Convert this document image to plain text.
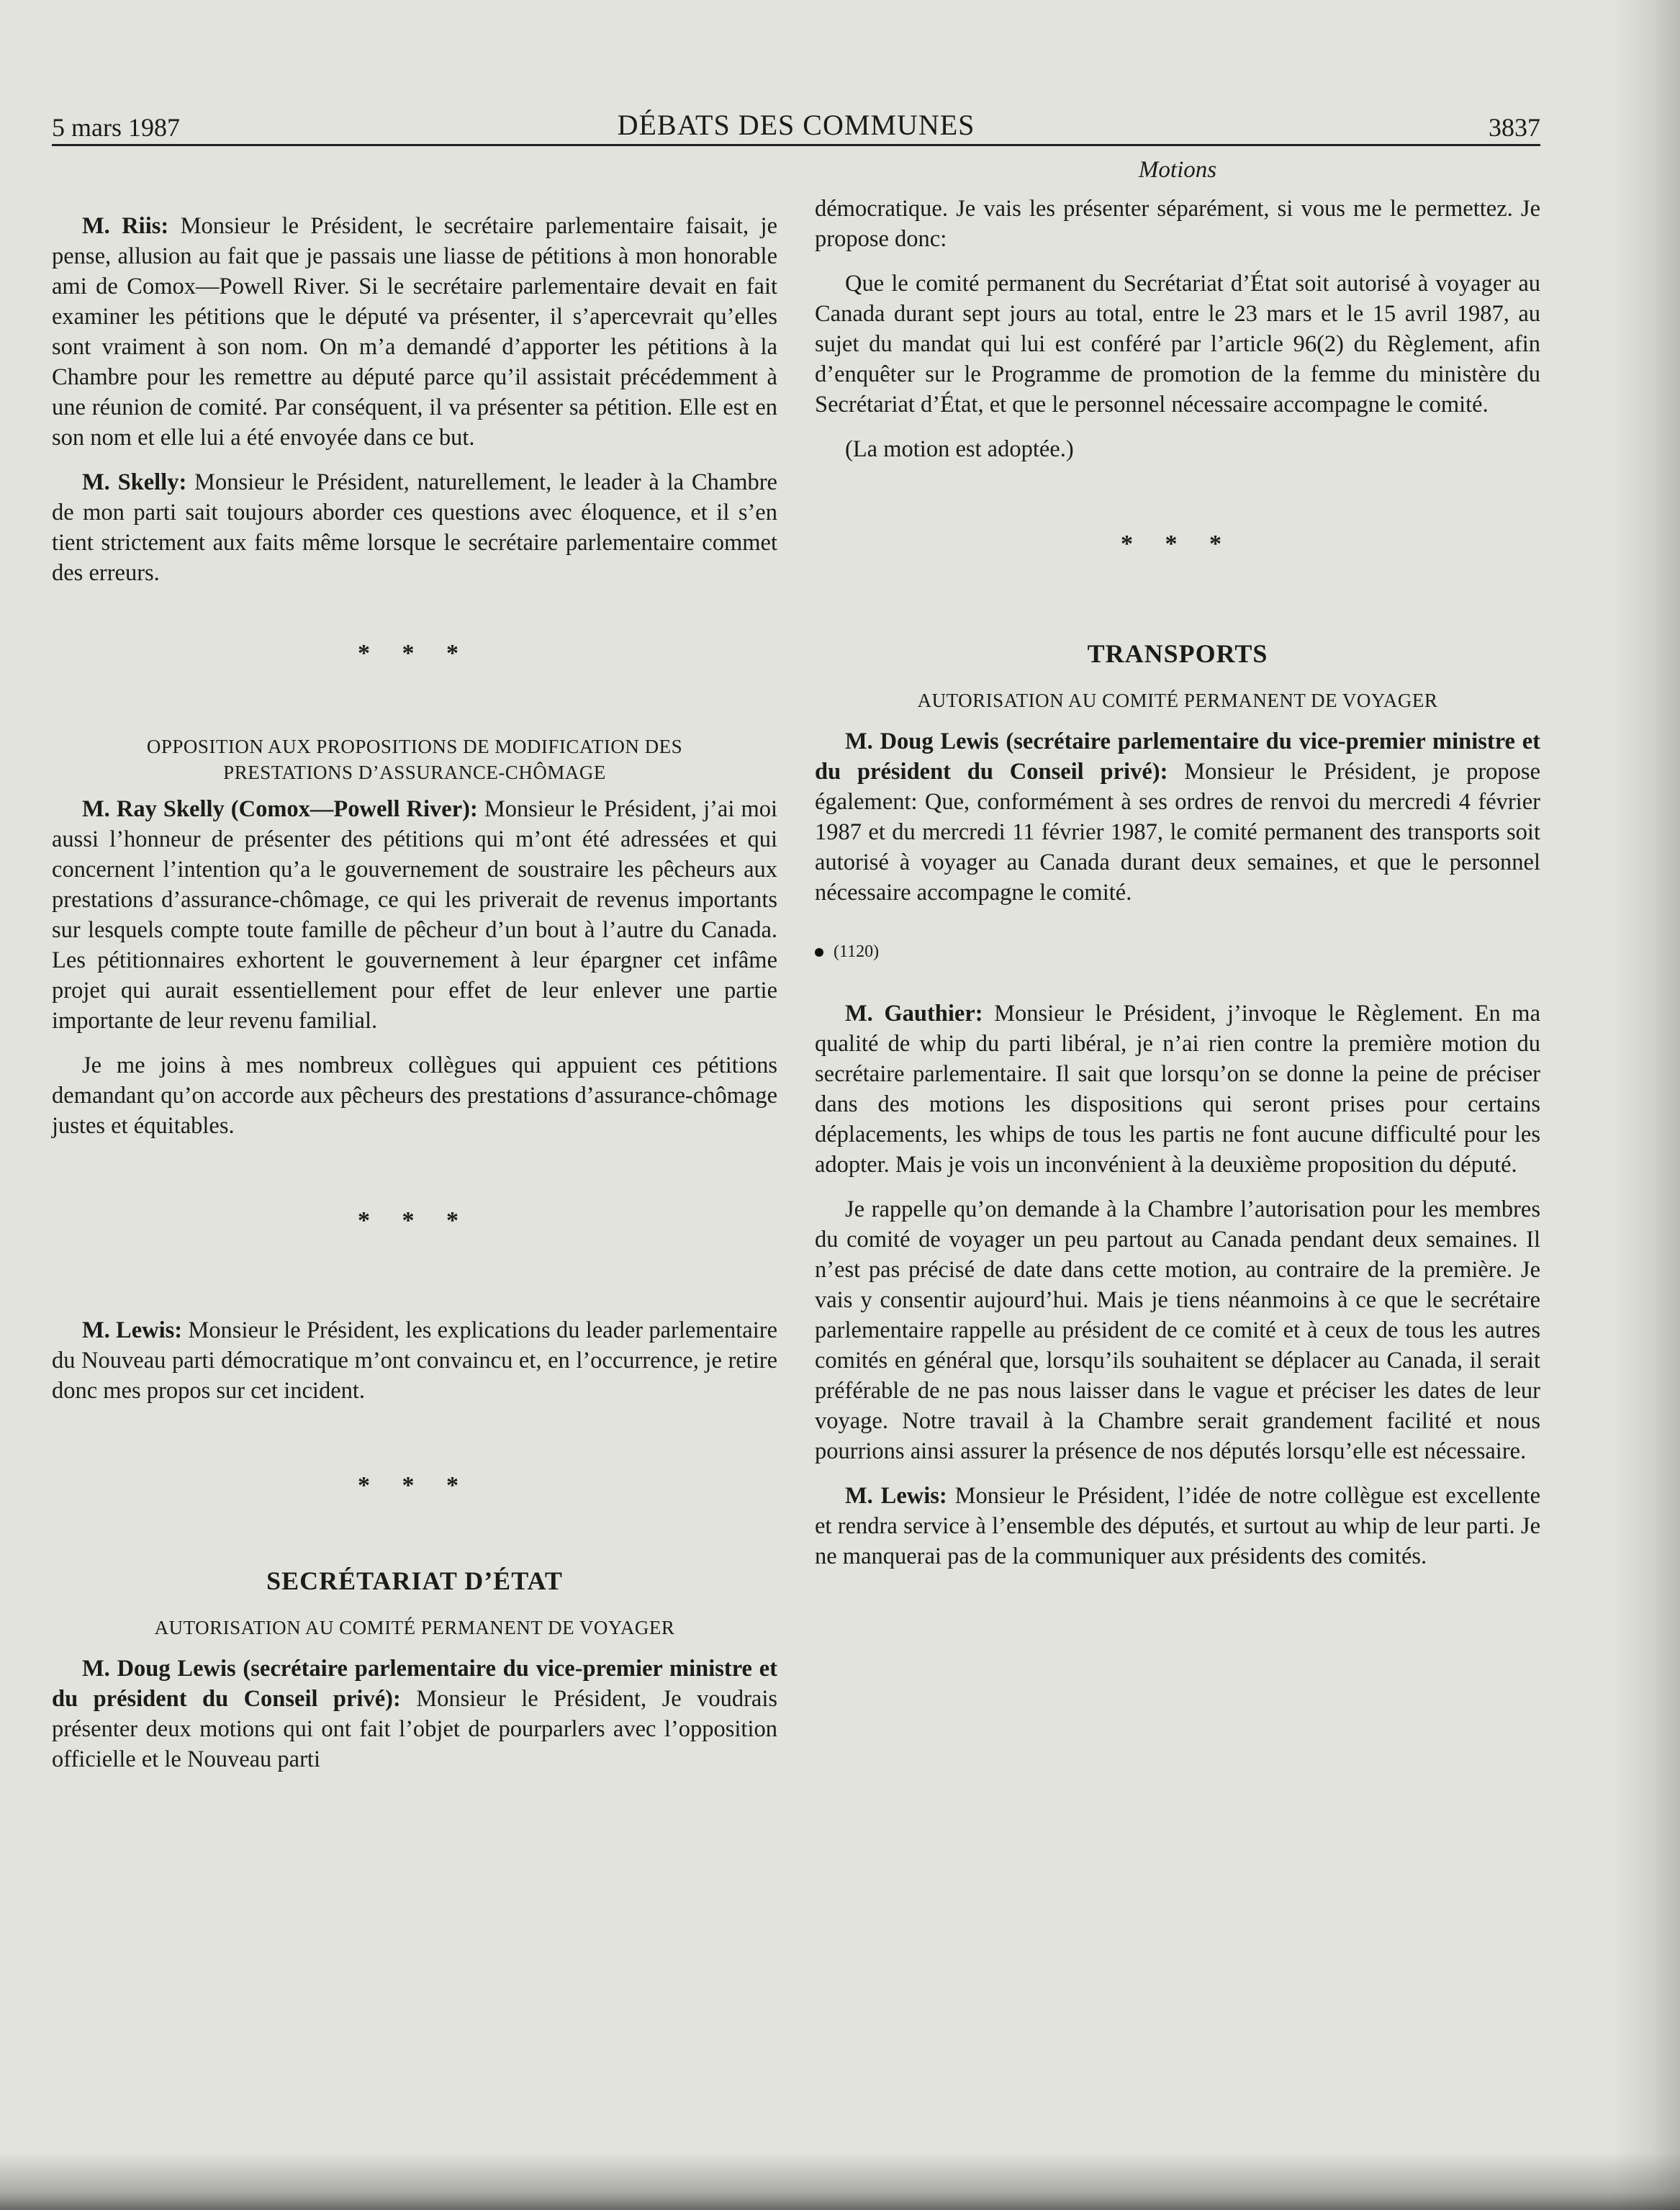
5 mars 1987	DÉBATS DES COMMUNES	3837

M. Riis: Monsieur le Président, le secrétaire parlementaire faisait, je pense, allusion au fait que je passais une liasse de pétitions à mon honorable ami de Comox—Powell River. Si le secrétaire parlementaire devait en fait examiner les pétitions que le député va présenter, il s’apercevrait qu’elles sont vraiment à son nom. On m’a demandé d’apporter les pétitions à la Chambre pour les remettre au député parce qu’il assistait précédemment à une réunion de comité. Par conséquent, il va présenter sa pétition. Elle est en son nom et elle lui a été envoyée dans ce but.

M. Skelly: Monsieur le Président, naturellement, le leader à la Chambre de mon parti sait toujours aborder ces questions avec éloquence, et il s’en tient strictement aux faits même lorsque le secrétaire parlementaire commet des erreurs.

* * *
OPPOSITION AUX PROPOSITIONS DE MODIFICATION DES PRESTATIONS D’ASSURANCE-CHÔMAGE

M. Ray Skelly (Comox—Powell River): Monsieur le Président, j’ai moi aussi l’honneur de présenter des pétitions qui m’ont été adressées et qui concernent l’intention qu’a le gouvernement de soustraire les pêcheurs aux prestations d’assurance-chômage, ce qui les priverait de revenus importants sur lesquels compte toute famille de pêcheur d’un bout à l’autre du Canada. Les pétitionnaires exhortent le gouvernement à leur épargner cet infâme projet qui aurait essentiellement pour effet de leur enlever une partie importante de leur revenu familial.

Je me joins à mes nombreux collègues qui appuient ces pétitions demandant qu’on accorde aux pêcheurs des prestations d’assurance-chômage justes et équitables.

* * *

M. Lewis: Monsieur le Président, les explications du leader parlementaire du Nouveau parti démocratique m’ont convaincu et, en l’occurrence, je retire donc mes propos sur cet incident.

* * *
SECRÉTARIAT D’ÉTAT
AUTORISATION AU COMITÉ PERMANENT DE VOYAGER

M. Doug Lewis (secrétaire parlementaire du vice-premier ministre et du président du Conseil privé): Monsieur le Président, Je voudrais présenter deux motions qui ont fait l’objet de pourparlers avec l’opposition officielle et le Nouveau parti

Motions

démocratique. Je vais les présenter séparément, si vous me le permettez. Je propose donc:

Que le comité permanent du Secrétariat d’État soit autorisé à voyager au Canada durant sept jours au total, entre le 23 mars et le 15 avril 1987, au sujet du mandat qui lui est conféré par l’article 96(2) du Règlement, afin d’enquêter sur le Programme de promotion de la femme du ministère du Secrétariat d’État, et que le personnel nécessaire accompagne le comité.

(La motion est adoptée.)

* * *
TRANSPORTS
AUTORISATION AU COMITÉ PERMANENT DE VOYAGER

M. Doug Lewis (secrétaire parlementaire du vice-premier ministre et du président du Conseil privé): Monsieur le Président, je propose également: Que, conformément à ses ordres de renvoi du mercredi 4 février 1987 et du mercredi 11 février 1987, le comité permanent des transports soit autorisé à voyager au Canada durant deux semaines, et que le personnel nécessaire accompagne le comité.

(1120)

M. Gauthier: Monsieur le Président, j’invoque le Règlement. En ma qualité de whip du parti libéral, je n’ai rien contre la première motion du secrétaire parlementaire. Il sait que lorsqu’on se donne la peine de préciser dans des motions les dispositions qui seront prises pour certains déplacements, les whips de tous les partis ne font aucune difficulté pour les adopter. Mais je vois un inconvénient à la deuxième proposition du député.

Je rappelle qu’on demande à la Chambre l’autorisation pour les membres du comité de voyager un peu partout au Canada pendant deux semaines. Il n’est pas précisé de date dans cette motion, au contraire de la première. Je vais y consentir aujourd’hui. Mais je tiens néanmoins à ce que le secrétaire parlementaire rappelle au président de ce comité et à ceux de tous les autres comités en général que, lorsqu’ils souhaitent se déplacer au Canada, il serait préférable de ne pas nous laisser dans le vague et préciser les dates de leur voyage. Notre travail à la Chambre serait grandement facilité et nous pourrions ainsi assurer la présence de nos députés lorsqu’elle est nécessaire.

M. Lewis: Monsieur le Président, l’idée de notre collègue est excellente et rendra service à l’ensemble des députés, et surtout au whip de leur parti. Je ne manquerai pas de la communiquer aux présidents des comités.
